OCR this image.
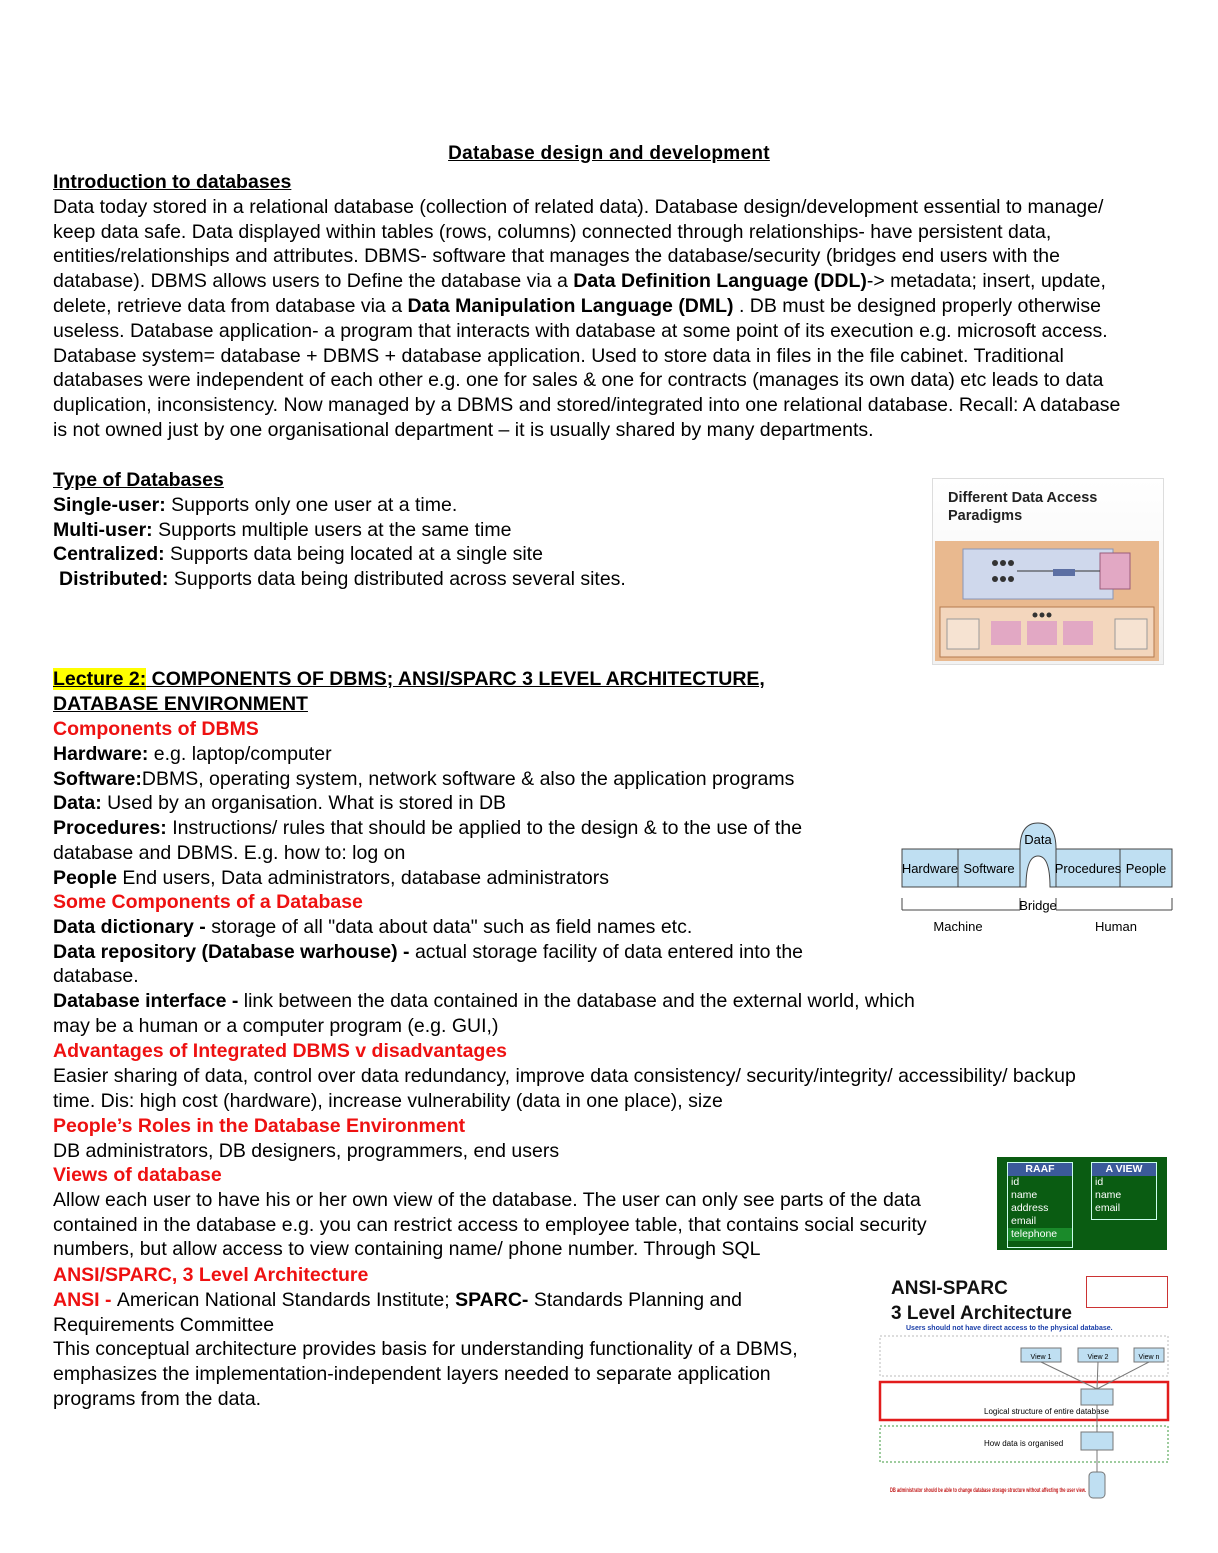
Database design and development
Introduction to databases

Data today stored in a relational database (collection of related data). Database design/development essential to manage/ keep data safe. Data displayed within tables (rows, columns) connected through relationships- have persistent data, entities/relationships and attributes. DBMS- software that manages the database/security (bridges end users with the database). DBMS allows users to Define the database via a Data Definition Language (DDL)-> metadata; insert, update, delete, retrieve data from database via a Data Manipulation Language (DML) . DB must be designed properly otherwise useless. Database application- a program that interacts with database at some point of its execution e.g. microsoft access. Database system= database + DBMS + database application. Used to store data in files in the file cabinet. Traditional databases were independent of each other e.g. one for sales & one for contracts (manages its own data) etc leads to data duplication, inconsistency. Now managed by a DBMS and stored/integrated into one relational database. Recall: A database is not owned just by one organisational department – it is usually shared by many departments.

Type of Databases
Single-user: Supports only one user at a time.
Multi-user: Supports multiple users at the same time
Centralized: Supports data being located at a single site
Distributed: Supports data being distributed across several sites.
Lecture 2: COMPONENTS OF DBMS; ANSI/SPARC 3 LEVEL ARCHITECTURE, DATABASE ENVIRONMENT
Components of DBMS
Hardware: e.g. laptop/computer
Software:DBMS, operating system, network software & also the application programs
Data: Used by an organisation. What is stored in DB
Procedures: Instructions/ rules that should be applied to the design & to the use of the database and DBMS. E.g. how to: log on
People End users, Data administrators, database administrators
Some Components of a Database
Data dictionary - storage of all "data about data" such as field names etc.
Data repository (Database warhouse) - actual storage facility of data entered into the database.
Database interface - link between the data contained in the database and the external world, which may be a human or a computer program (e.g. GUI,)
Advantages of Integrated DBMS v disadvantages

Easier sharing of data, control over data redundancy, improve data consistency/ security/integrity/ accessibility/ backup time. Dis: high cost (hardware), increase vulnerability (data in one place), size

People’s Roles in the Database Environment

DB administrators, DB designers, programmers, end users

Views of database

Allow each user to have his or her own view of the database. The user can only see parts of the data contained in the database e.g. you can restrict access to employee table, that contains social security numbers, but allow access to view containing name/ phone number. Through SQL

ANSI/SPARC, 3 Level Architecture

ANSI - American National Standards Institute; SPARC- Standards Planning and Requirements Committee

This conceptual architecture provides basis for understanding functionality of a DBMS, emphasizes the implementation-independent layers needed to separate application programs from the data.

Different Data Access
Paradigms
Hardware Software	Procedures People
Data
Bridge
Machine	Human
RAAF
id
name
address
email
telephone
A VIEW
id
name
email
ANSI-SPARC
3 Level Architecture
Users should not have direct access to the physical database.
View 1	View 2	View n
Logical structure of entire database
How data is organised
DB administrator should be able to change database storage structure without affecting the user view.
